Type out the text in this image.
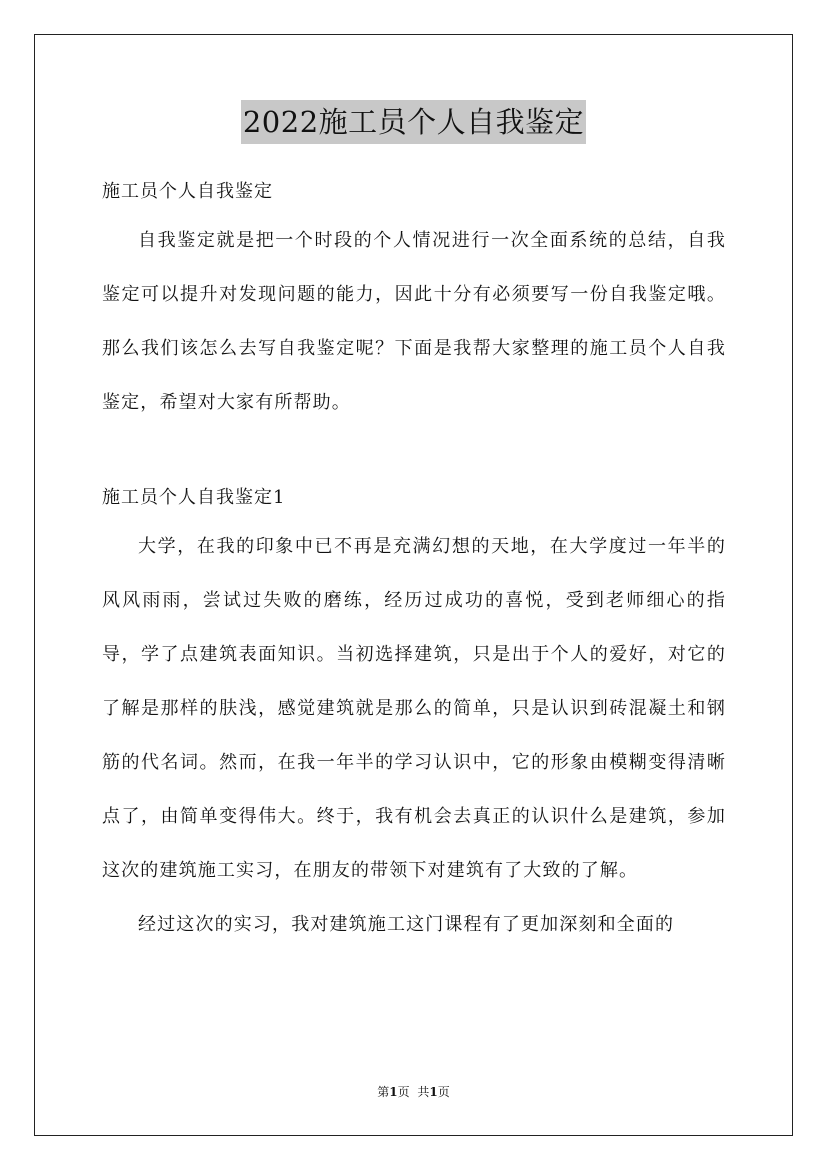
2022施工员个人自我鉴定

施工员个人自我鉴定

自我鉴定就是把一个时段的个人情况进行一次全面系统的总结，自我鉴定可以提升对发现问题的能力，因此十分有必须要写一份自我鉴定哦。那么我们该怎么去写自我鉴定呢？下面是我帮大家整理的施工员个人自我鉴定，希望对大家有所帮助。

施工员个人自我鉴定1

大学，在我的印象中已不再是充满幻想的天地，在大学度过一年半的风风雨雨，尝试过失败的磨练，经历过成功的喜悦，受到老师细心的指导，学了点建筑表面知识。当初选择建筑，只是出于个人的爱好，对它的了解是那样的肤浅，感觉建筑就是那么的简单，只是认识到砖混凝土和钢筋的代名词。然而，在我一年半的学习认识中，它的形象由模糊变得清晰点了，由简单变得伟大。终于，我有机会去真正的认识什么是建筑，参加这次的建筑施工实习，在朋友的带领下对建筑有了大致的了解。

经过这次的实习，我对建筑施工这门课程有了更加深刻和全面的

第1页 共1页
